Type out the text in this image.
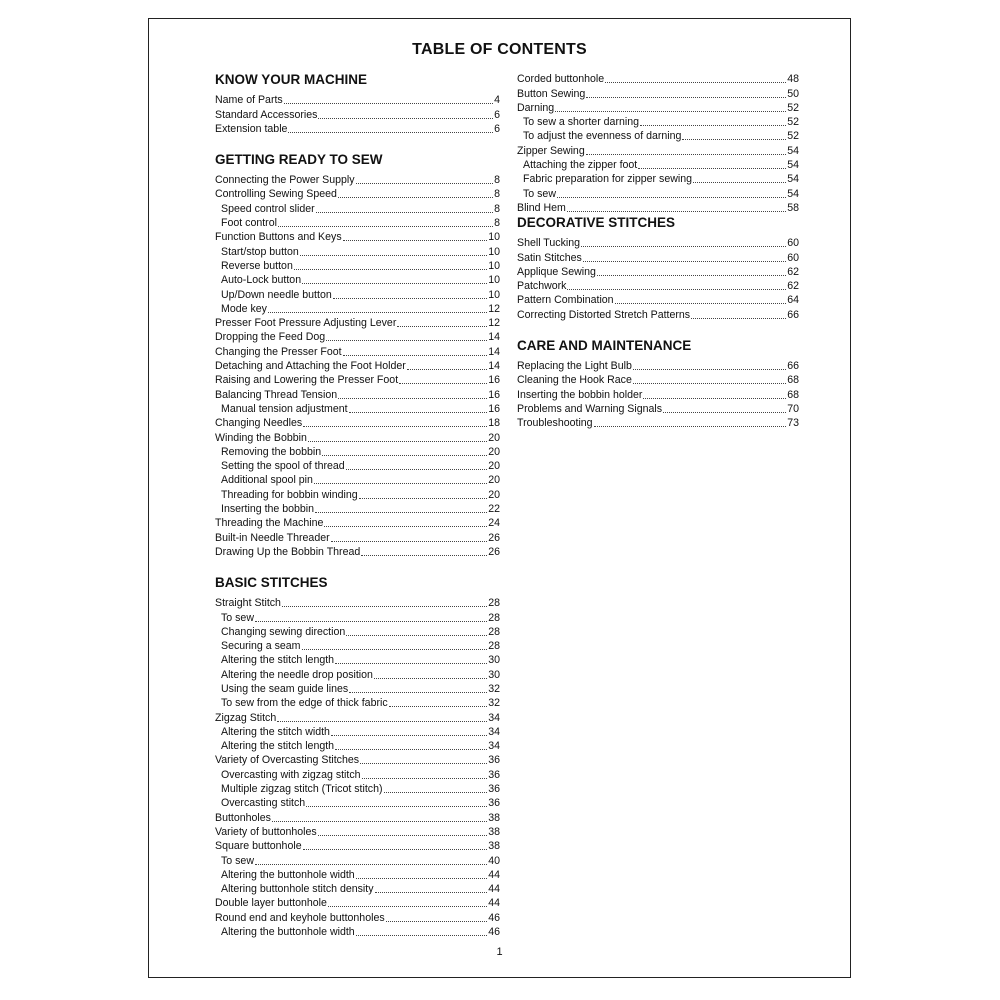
TABLE OF CONTENTS
KNOW YOUR MACHINE
Name of Parts	4
Standard Accessories	6
Extension table	6
GETTING READY TO SEW
Connecting the Power Supply	8
Controlling Sewing Speed	8
Speed control slider	8
Foot control	8
Function Buttons and Keys	10
Start/stop button	10
Reverse button	10
Auto-Lock button	10
Up/Down needle button	10
Mode key	12
Presser Foot Pressure Adjusting Lever	12
Dropping the Feed Dog	14
Changing the Presser Foot	14
Detaching and Attaching the Foot Holder	14
Raising and Lowering the Presser Foot	16
Balancing Thread Tension	16
Manual tension adjustment	16
Changing Needles	18
Winding the Bobbin	20
Removing the bobbin	20
Setting the spool of thread	20
Additional spool pin	20
Threading for bobbin winding	20
Inserting the bobbin	22
Threading the Machine	24
Built-in Needle Threader	26
Drawing Up the Bobbin Thread	26
BASIC STITCHES
Straight Stitch	28
To sew	28
Changing sewing direction	28
Securing a seam	28
Altering the stitch length	30
Altering the needle drop position	30
Using the seam guide lines	32
To sew from the edge of thick fabric	32
Zigzag Stitch	34
Altering the stitch width	34
Altering the stitch length	34
Variety of Overcasting Stitches	36
Overcasting with zigzag stitch	36
Multiple zigzag stitch (Tricot stitch)	36
Overcasting stitch	36
Buttonholes	38
Variety of buttonholes	38
Square buttonhole	38
To sew	40
Altering the buttonhole width	44
Altering buttonhole stitch density	44
Double layer buttonhole	44
Round end and keyhole buttonholes	46
Altering the buttonhole width	46
Corded buttonhole	48
Button Sewing	50
Darning	52
To sew a shorter darning	52
To adjust the evenness of darning	52
Zipper Sewing	54
Attaching the zipper foot	54
Fabric preparation for zipper sewing	54
To sew	54
Blind Hem	58
DECORATIVE STITCHES
Shell Tucking	60
Satin Stitches	60
Applique Sewing	62
Patchwork	62
Pattern Combination	64
Correcting Distorted Stretch Patterns	66
CARE AND MAINTENANCE
Replacing the Light Bulb	66
Cleaning the Hook Race	68
Inserting the bobbin holder	68
Problems and Warning Signals	70
Troubleshooting	73
1
